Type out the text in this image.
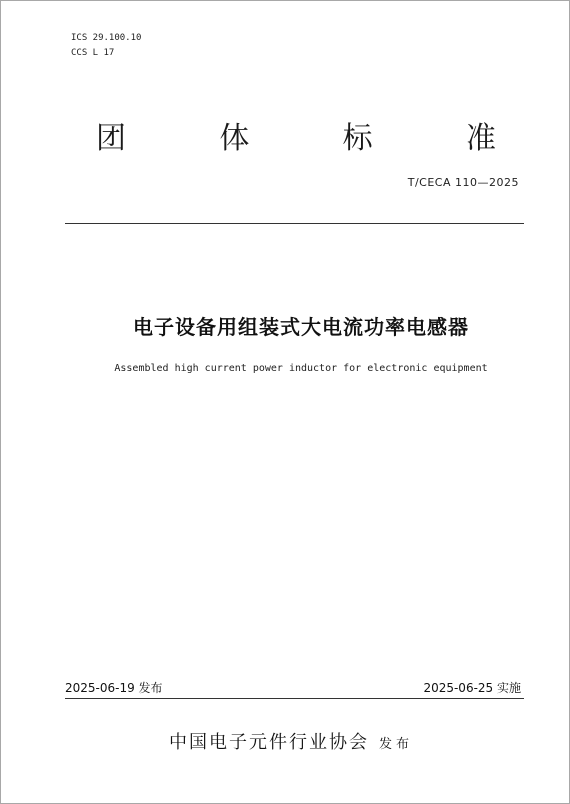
ICS 29.100.10
CCS L 17
团	体	标	准
T/CECA 110—2025
电子设备用组装式大电流功率电感器
Assembled high current power inductor for electronic equipment
2025-06-19 发布	2025-06-25 实施
中国电子元件行业协会 发布
